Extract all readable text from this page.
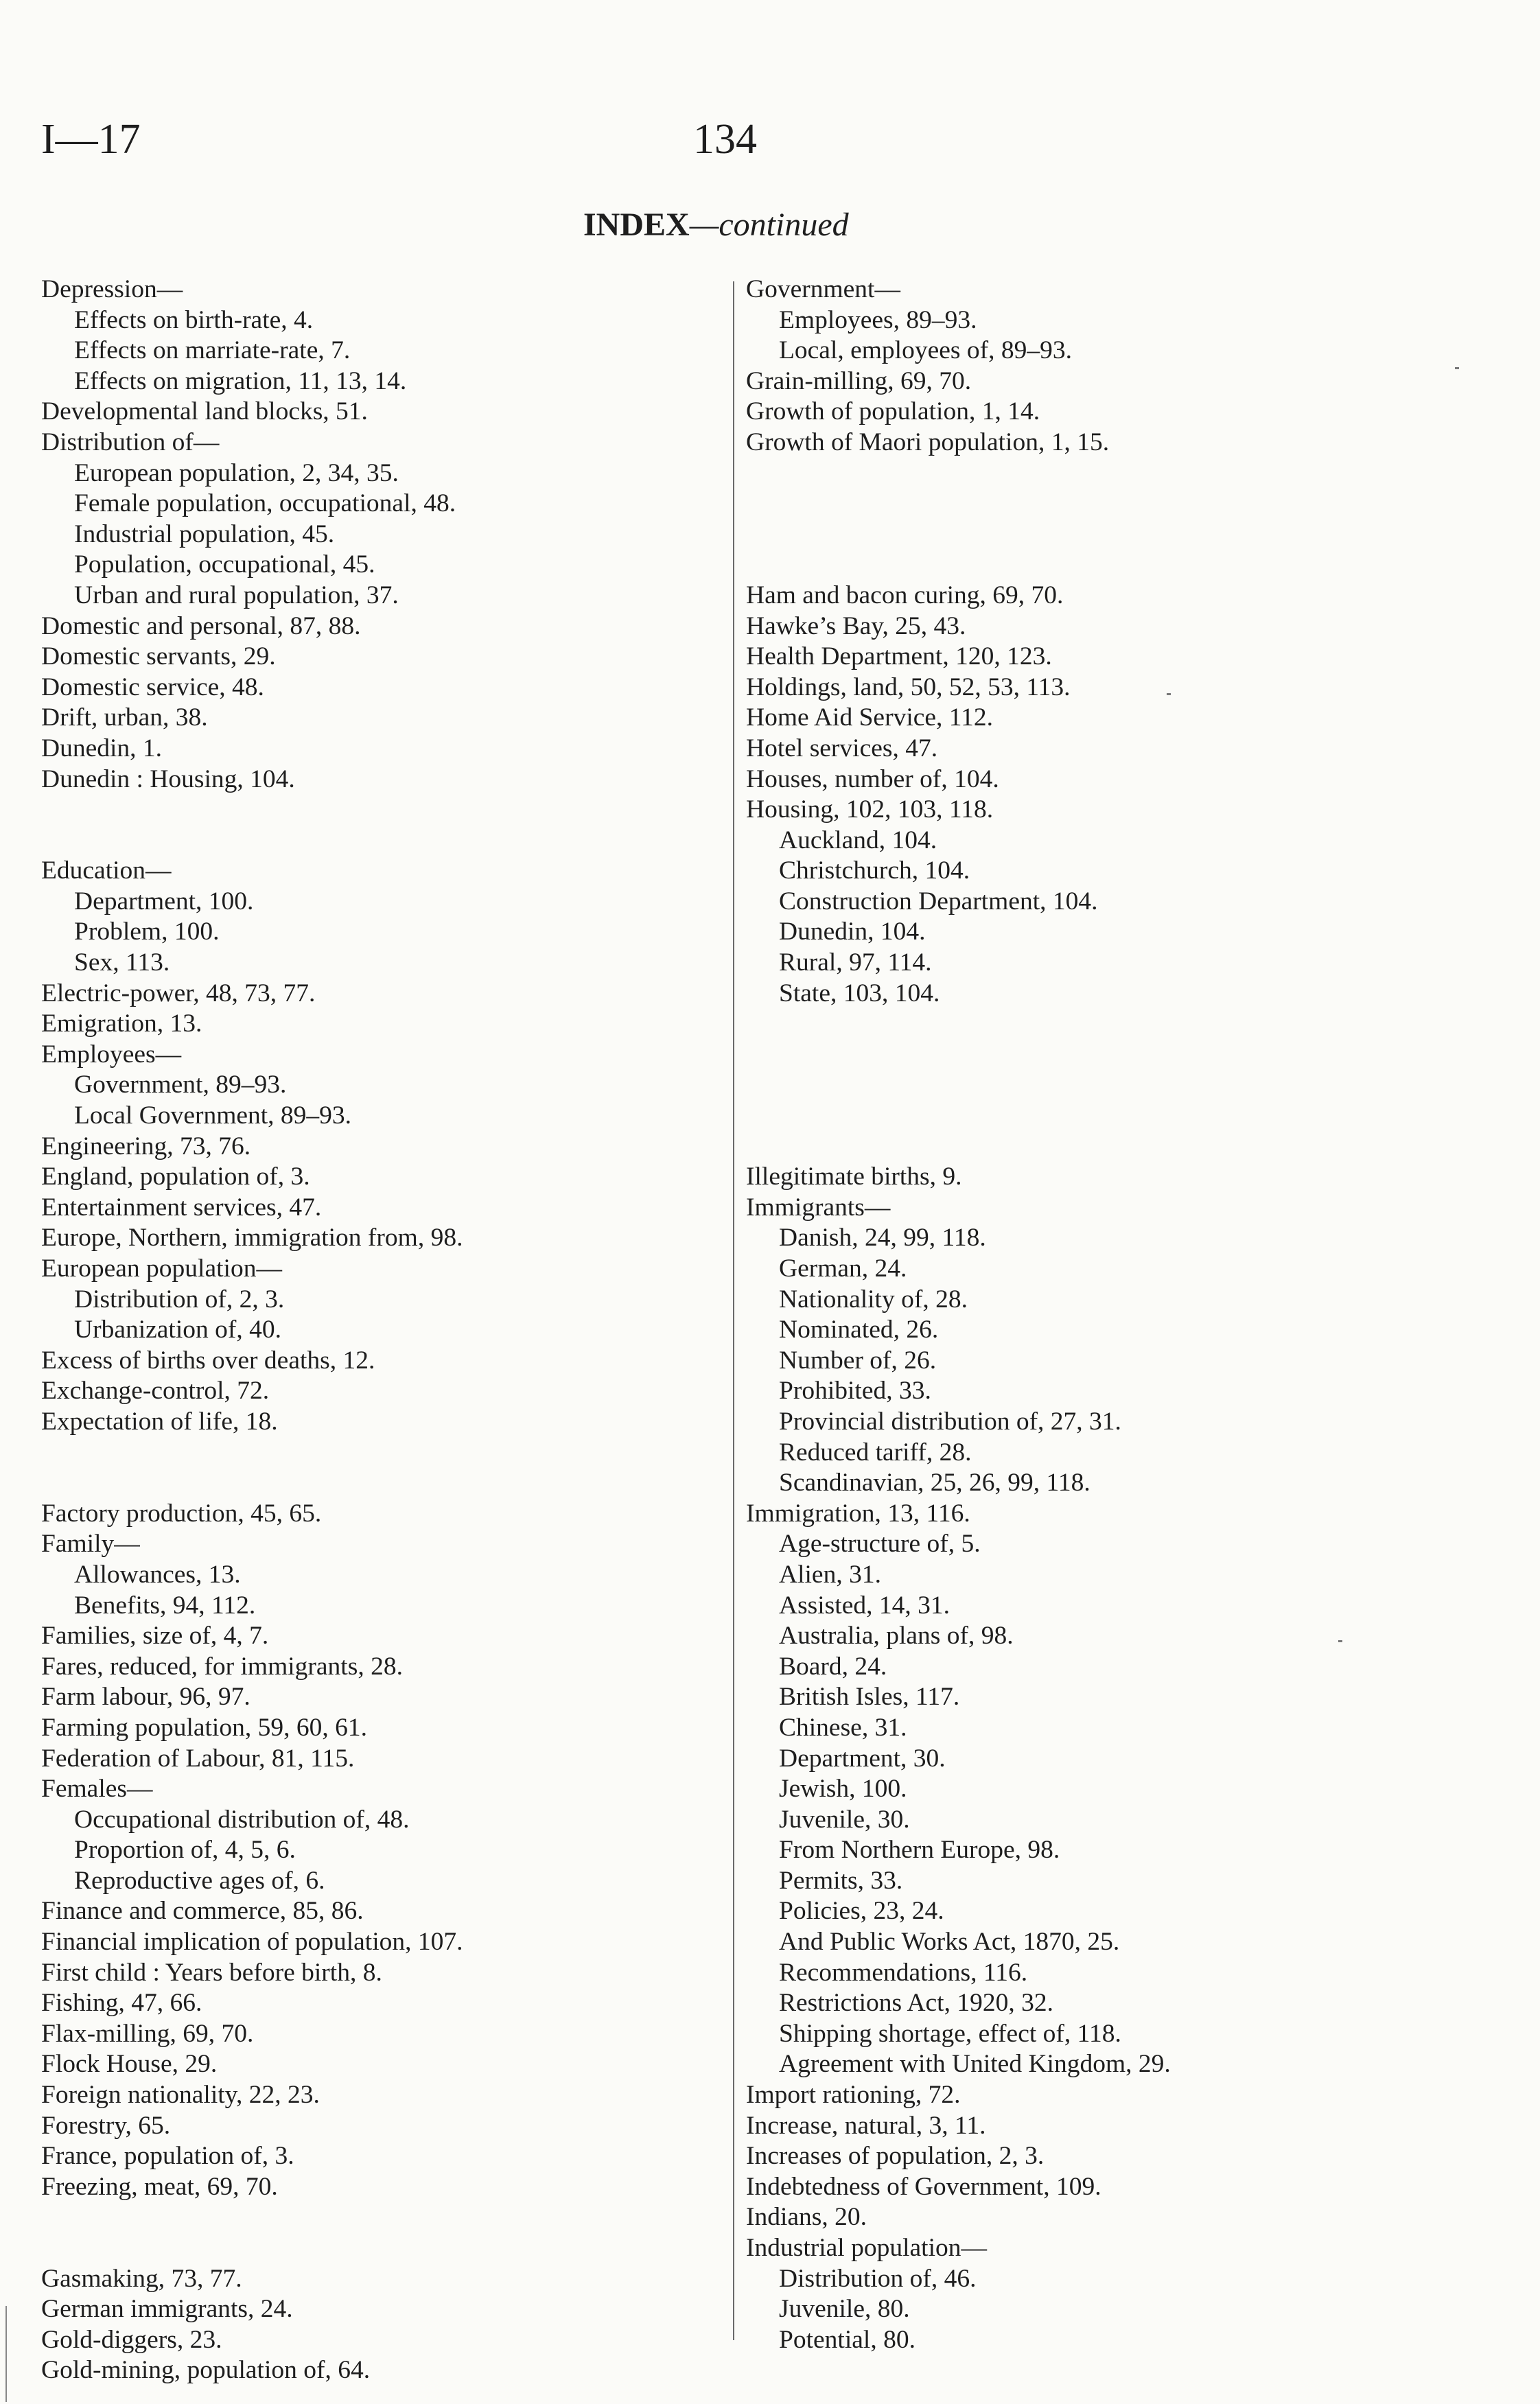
I—17	134
INDEX—continued
Depression—
Effects on birth-rate, 4.
Effects on marriate-rate, 7.
Effects on migration, 11, 13, 14.
Developmental land blocks, 51.
Distribution of—
European population, 2, 34, 35.
Female population, occupational, 48.
Industrial population, 45.
Population, occupational, 45.
Urban and rural population, 37.
Domestic and personal, 87, 88.
Domestic servants, 29.
Domestic service, 48.
Drift, urban, 38.
Dunedin, 1.
Dunedin : Housing, 104.
Education—
Department, 100.
Problem, 100.
Sex, 113.
Electric-power, 48, 73, 77.
Emigration, 13.
Employees—
Government, 89–93.
Local Government, 89–93.
Engineering, 73, 76.
England, population of, 3.
Entertainment services, 47.
Europe, Northern, immigration from, 98.
European population—
Distribution of, 2, 3.
Urbanization of, 40.
Excess of births over deaths, 12.
Exchange-control, 72.
Expectation of life, 18.
Factory production, 45, 65.
Family—
Allowances, 13.
Benefits, 94, 112.
Families, size of, 4, 7.
Fares, reduced, for immigrants, 28.
Farm labour, 96, 97.
Farming population, 59, 60, 61.
Federation of Labour, 81, 115.
Females—
Occupational distribution of, 48.
Proportion of, 4, 5, 6.
Reproductive ages of, 6.
Finance and commerce, 85, 86.
Financial implication of population, 107.
First child : Years before birth, 8.
Fishing, 47, 66.
Flax-milling, 69, 70.
Flock House, 29.
Foreign nationality, 22, 23.
Forestry, 65.
France, population of, 3.
Freezing, meat, 69, 70.
Gasmaking, 73, 77.
German immigrants, 24.
Gold-diggers, 23.
Gold-mining, population of, 64.
Government—
Employees, 89–93.
Local, employees of, 89–93.
Grain-milling, 69, 70.
Growth of population, 1, 14.
Growth of Maori population, 1, 15.
Ham and bacon curing, 69, 70.
Hawke’s Bay, 25, 43.
Health Department, 120, 123.
Holdings, land, 50, 52, 53, 113.
Home Aid Service, 112.
Hotel services, 47.
Houses, number of, 104.
Housing, 102, 103, 118.
Auckland, 104.
Christchurch, 104.
Construction Department, 104.
Dunedin, 104.
Rural, 97, 114.
State, 103, 104.
Illegitimate births, 9.
Immigrants—
Danish, 24, 99, 118.
German, 24.
Nationality of, 28.
Nominated, 26.
Number of, 26.
Prohibited, 33.
Provincial distribution of, 27, 31.
Reduced tariff, 28.
Scandinavian, 25, 26, 99, 118.
Immigration, 13, 116.
Age-structure of, 5.
Alien, 31.
Assisted, 14, 31.
Australia, plans of, 98.
Board, 24.
British Isles, 117.
Chinese, 31.
Department, 30.
Jewish, 100.
Juvenile, 30.
From Northern Europe, 98.
Permits, 33.
Policies, 23, 24.
And Public Works Act, 1870, 25.
Recommendations, 116.
Restrictions Act, 1920, 32.
Shipping shortage, effect of, 118.
Agreement with United Kingdom, 29.
Import rationing, 72.
Increase, natural, 3, 11.
Increases of population, 2, 3.
Indebtedness of Government, 109.
Indians, 20.
Industrial population—
Distribution of, 46.
Juvenile, 80.
Potential, 80.
